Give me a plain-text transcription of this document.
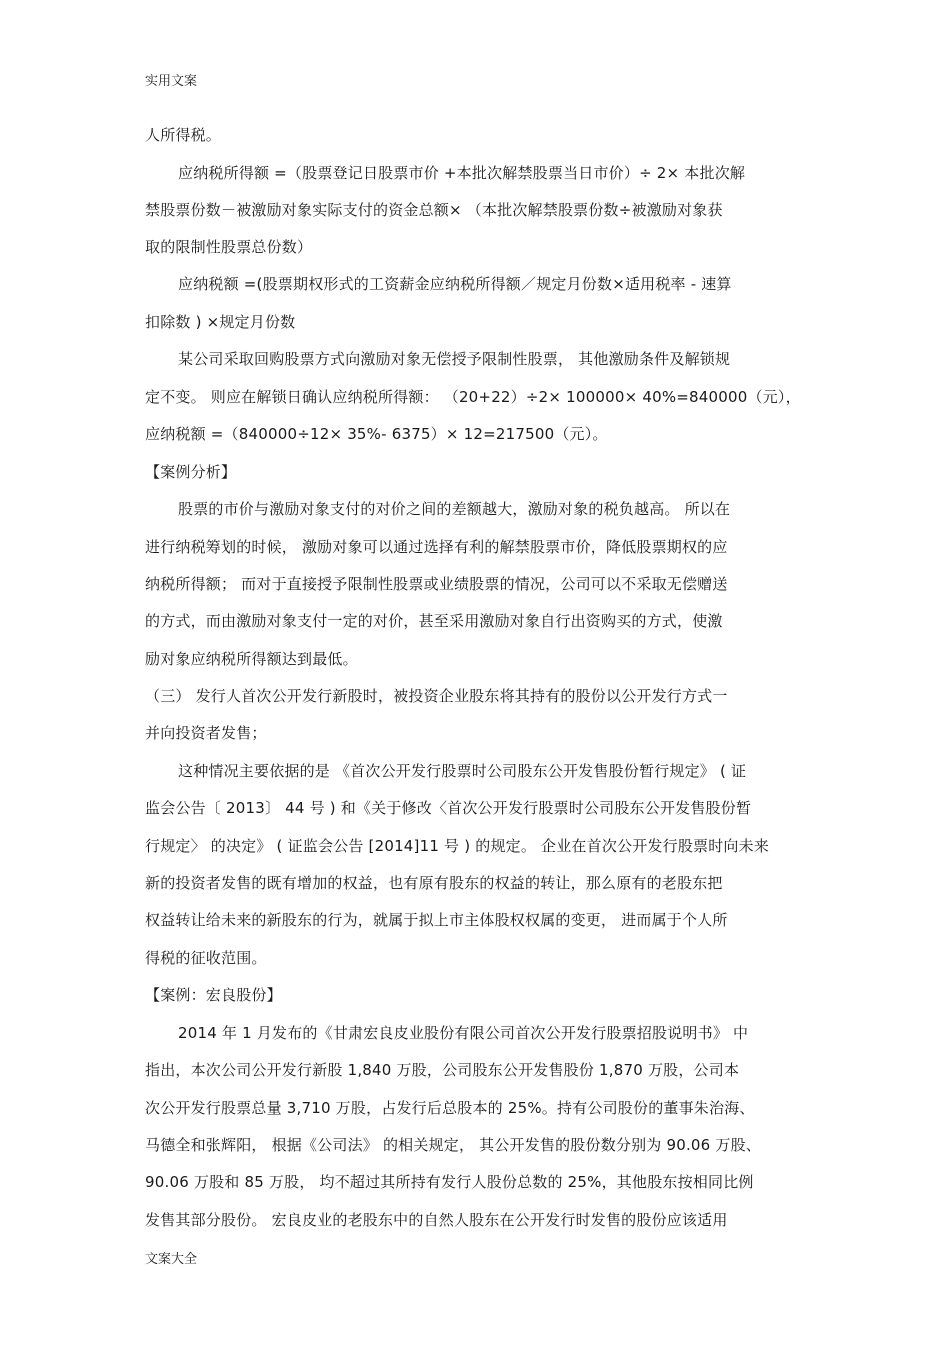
实用文案
人所得税。
应纳税所得额 =（股票登记日股票市价 +本批次解禁股票当日市价）÷ 2× 本批次解
禁股票份数－被激励对象实际支付的资金总额× （本批次解禁股票份数÷被激励对象获
取的限制性股票总份数）
应纳税额 =(股票期权形式的工资薪金应纳税所得额／规定月份数×适用税率 - 速算
扣除数 ) ×规定月份数
某公司采取回购股票方式向激励对象无偿授予限制性股票， 其他激励条件及解锁规
定不变。 则应在解锁日确认应纳税所得额： （20+22）÷2× 100000× 40%=840000（元），
应纳税额 =（840000÷12× 35%- 6375）× 12=217500（元）。
【案例分析】
股票的市价与激励对象支付的对价之间的差额越大，激励对象的税负越高。 所以在
进行纳税筹划的时候， 激励对象可以通过选择有利的解禁股票市价，降低股票期权的应
纳税所得额； 而对于直接授予限制性股票或业绩股票的情况，公司可以不采取无偿赠送
的方式，而由激励对象支付一定的对价，甚至采用激励对象自行出资购买的方式，使激
励对象应纳税所得额达到最低。
（三） 发行人首次公开发行新股时，被投资企业股东将其持有的股份以公开发行方式一
并向投资者发售；
这种情况主要依据的是 《首次公开发行股票时公司股东公开发售股份暂行规定》 ( 证
监会公告〔 2013〕 44 号 ) 和《关于修改〈首次公开发行股票时公司股东公开发售股份暂
行规定〉 的决定》 ( 证监会公告 [2014]11 号 ) 的规定。 企业在首次公开发行股票时向未来
新的投资者发售的既有增加的权益，也有原有股东的权益的转让，那么原有的老股东把
权益转让给未来的新股东的行为，就属于拟上市主体股权权属的变更， 进而属于个人所
得税的征收范围。
【案例：宏良股份】
2014 年 1 月发布的《甘肃宏良皮业股份有限公司首次公开发行股票招股说明书》 中
指出，本次公司公开发行新股 1,840 万股，公司股东公开发售股份 1,870 万股，公司本
次公开发行股票总量 3,710 万股，占发行后总股本的 25%。持有公司股份的董事朱治海、
马德全和张辉阳， 根据《公司法》 的相关规定， 其公开发售的股份数分别为 90.06 万股、
90.06 万股和 85 万股， 均不超过其所持有发行人股份总数的 25%，其他股东按相同比例
发售其部分股份。 宏良皮业的老股东中的自然人股东在公开发行时发售的股份应该适用
文案大全
